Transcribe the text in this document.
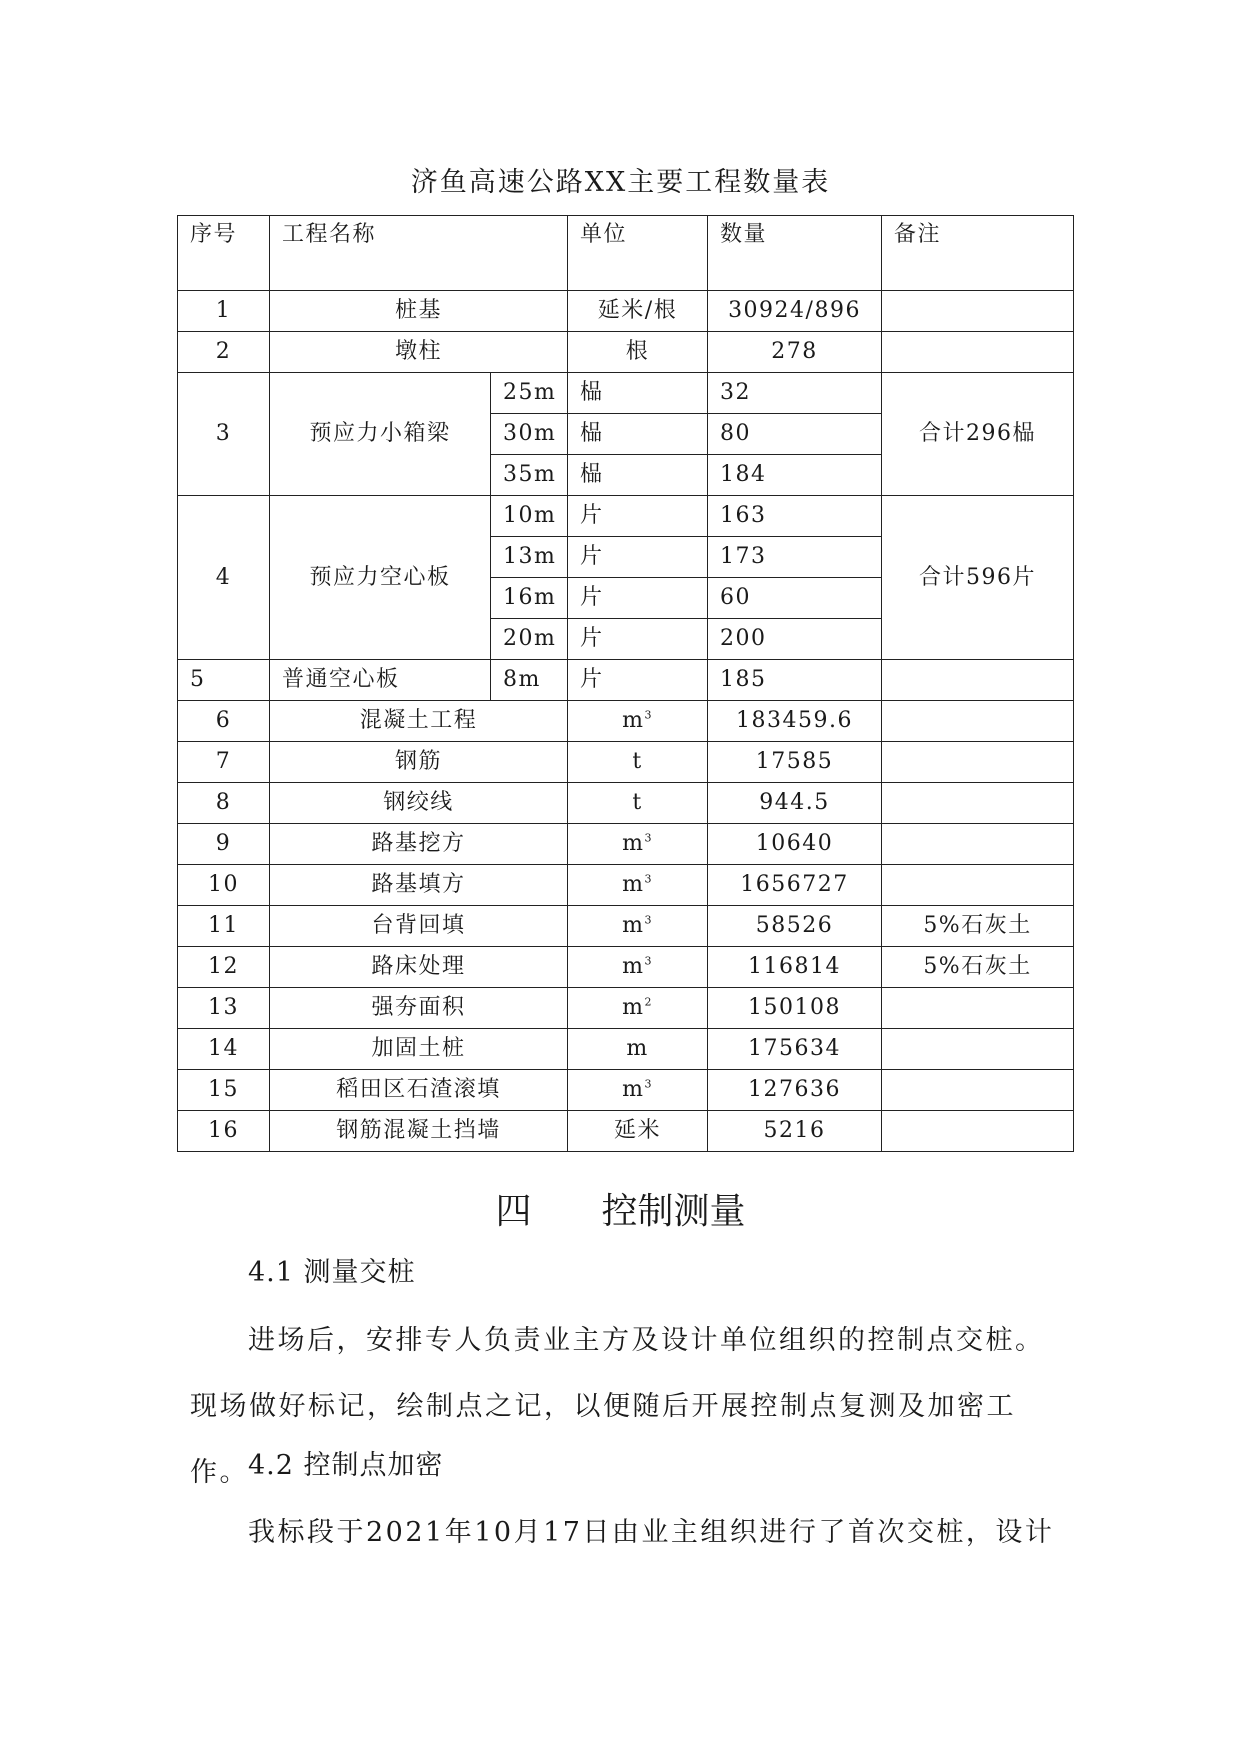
济鱼高速公路XX主要工程数量表
序号	工程名称		单位	数量	备注
1	桩基		延米/根	30924/896	
2	墩柱		根	278	
3	预应力小箱梁	25m	榀	32	合计296榀
		30m	榀	80	
		35m	榀	184	
4	预应力空心板	10m	片	163	合计596片
		13m	片	173	
		16m	片	60	
		20m	片	200	
5	普通空心板	8m	片	185	
6	混凝土工程		$m^3$	183459.6	
7	钢筋		t	17585	
8	钢绞线		t	944.5	
9	路基挖方		$m^3$	10640	
10	路基填方		$m^3$	1656727	
11	台背回填		$m^3$	58526	5%石灰土
12	路床处理		$m^3$	116814	5%石灰土
13	强夯面积		$m^2$	150108	
14	加固土桩		m	175634	
15	稻田区石渣滚填		$m^3$	127636	
16	钢筋混凝土挡墙		延米	5216	
四 控制测量
4.1 测量交桩

进场后，安排专人负责业主方及设计单位组织的控制点交桩。现场做好标记，绘制点之记，以便随后开展控制点复测及加密工作。 4.2 控制点加密

我标段于2021年10月17日由业主组织进行了首次交桩，设计
